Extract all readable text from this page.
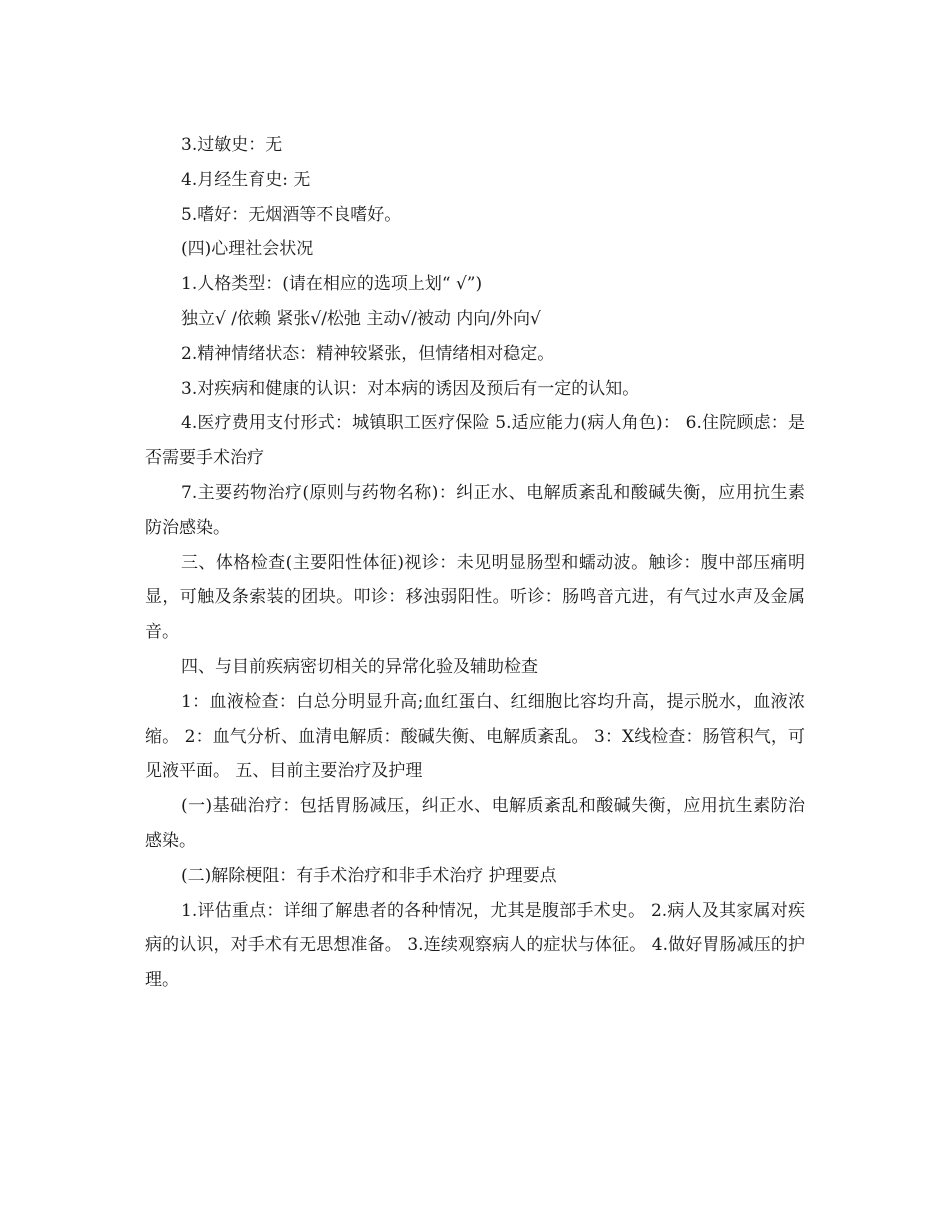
3.过敏史：无

4.月经生育史: 无

5.嗜好：无烟酒等不良嗜好。

(四)心理社会状况

1.人格类型：(请在相应的选项上划“ √”)

独立√ /依赖 紧张√/松弛 主动√/被动 内向/外向√

2.精神情绪状态：精神较紧张，但情绪相对稳定。

3.对疾病和健康的认识：对本病的诱因及预后有一定的认知。

4.医疗费用支付形式：城镇职工医疗保险 5.适应能力(病人角色)： 6.住院顾虑：是否需要手术治疗

7.主要药物治疗(原则与药物名称)：纠正水、电解质紊乱和酸碱失衡，应用抗生素防治感染。

三、体格检查(主要阳性体征)视诊：未见明显肠型和蠕动波。触诊：腹中部压痛明显，可触及条索装的团块。叩诊：移浊弱阳性。听诊：肠鸣音亢进，有气过水声及金属音。

四、与目前疾病密切相关的异常化验及辅助检查

1：血液检查：白总分明显升高;血红蛋白、红细胞比容均升高，提示脱水，血液浓缩。 2：血气分析、血清电解质：酸碱失衡、电解质紊乱。 3：X线检查：肠管积气，可见液平面。 五、目前主要治疗及护理

(一)基础治疗：包括胃肠减压，纠正水、电解质紊乱和酸碱失衡，应用抗生素防治感染。

(二)解除梗阻：有手术治疗和非手术治疗 护理要点

1.评估重点：详细了解患者的各种情况，尤其是腹部手术史。 2.病人及其家属对疾病的认识，对手术有无思想准备。 3.连续观察病人的症状与体征。 4.做好胃肠减压的护理。
